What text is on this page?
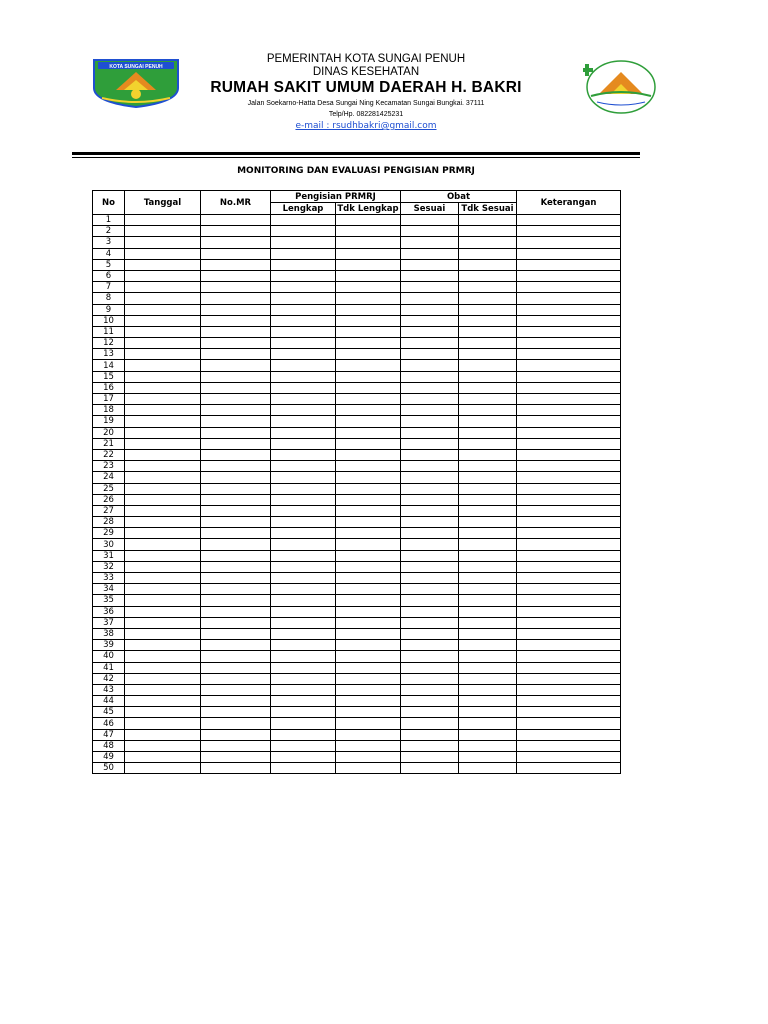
KOTA SUNGAI PENUH
PEMERINTAH KOTA SUNGAI PENUH
DINAS KESEHATAN
RUMAH SAKIT UMUM DAERAH H. BAKRI
Jalan Soekarno-Hatta Desa Sungai Ning Kecamatan Sungai Bungkai. 37111
Telp/Hp. 082281425231
e-mail : rsudhbakri@gmail.com
MONITORING DAN EVALUASI PENGISIAN PRMRJ
No	Tanggal	No.MR	Pengisian PRMRJ		Obat		Keterangan
			Lengkap	Tdk Lengkap	Sesuai	Tdk Sesuai	
1							
2							
3							
4							
5							
6							
7							
8							
9							
10							
11							
12							
13							
14							
15							
16							
17							
18							
19							
20							
21							
22							
23							
24							
25							
26							
27							
28							
29							
30							
31							
32							
33							
34							
35							
36							
37							
38							
39							
40							
41							
42							
43							
44							
45							
46							
47							
48							
49							
50							
